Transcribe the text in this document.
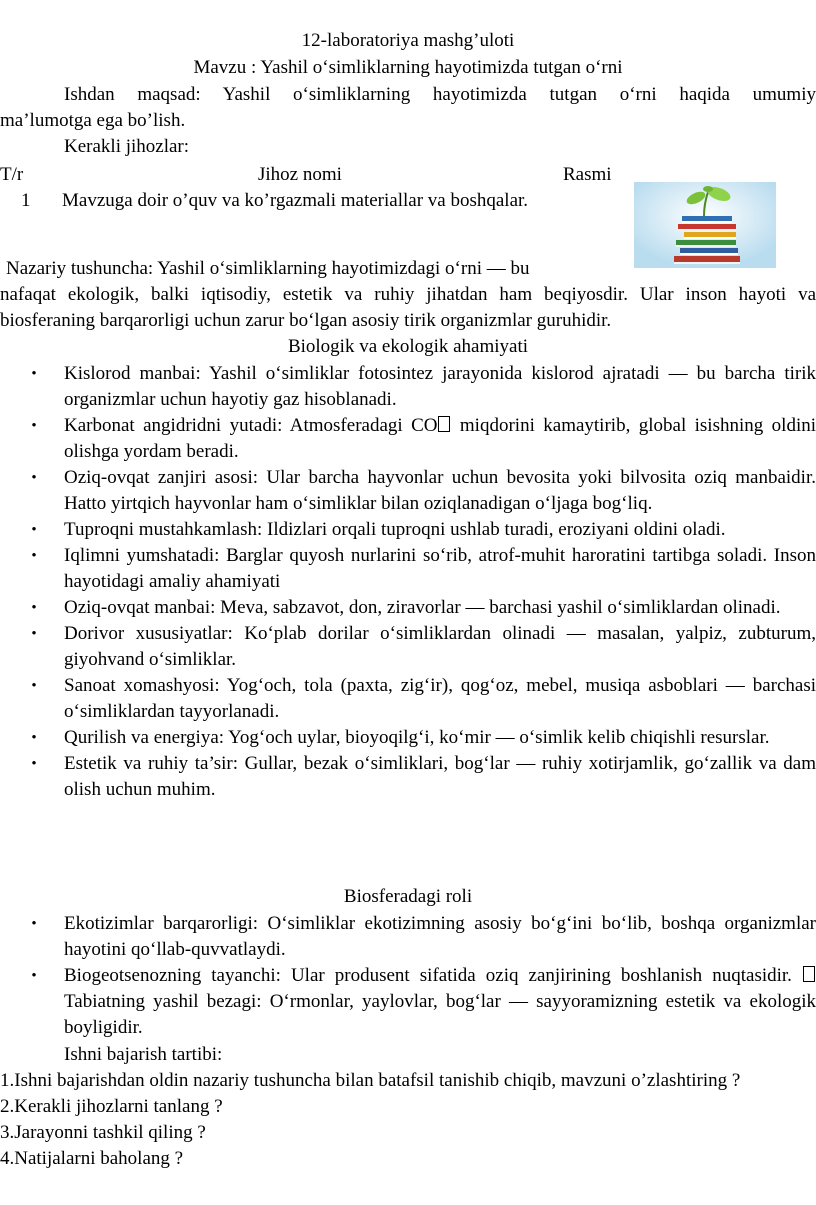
12-laboratoriya mashg’uloti
Mavzu : Yashil o‘simliklarning hayotimizda tutgan o‘rni
Ishdan maqsad: Yashil o‘simliklarning hayotimizda tutgan o‘rni haqida umumiy
ma’lumotga ega bo’lish.
Kerakli jihozlar:
T/r	Jihoz nomi	Rasmi
1 Mavzuga doir o’quv va ko’rgazmali materiallar va boshqalar.
Nazariy tushuncha: Yashil o‘simliklarning hayotimizdagi o‘rni — bu
nafaqat ekologik, balki iqtisodiy, estetik va ruhiy jihatdan ham beqiyosdir. Ular inson hayoti va biosferaning barqarorligi uchun zarur bo‘lgan asosiy tirik organizmlar guruhidir.
Biologik va ekologik ahamiyati
• Kislorod manbai: Yashil o‘simliklar fotosintez jarayonida kislorod ajratadi — bu barcha tirik organizmlar uchun hayotiy gaz hisoblanadi.
• Karbonat angidridni yutadi: Atmosferadagi CO miqdorini kamaytirib, global isishning oldini olishga yordam beradi.
• Oziq-ovqat zanjiri asosi: Ular barcha hayvonlar uchun bevosita yoki bilvosita oziq manbaidir. Hatto yirtqich hayvonlar ham o‘simliklar bilan oziqlanadigan o‘ljaga bog‘liq.
• Tuproqni mustahkamlash: Ildizlari orqali tuproqni ushlab turadi, eroziyani oldini oladi.
• Iqlimni yumshatadi: Barglar quyosh nurlarini so‘rib, atrof-muhit haroratini tartibga soladi. Inson hayotidagi amaliy ahamiyati
• Oziq-ovqat manbai: Meva, sabzavot, don, ziravorlar — barchasi yashil o‘simliklardan olinadi.
• Dorivor xususiyatlar: Ko‘plab dorilar o‘simliklardan olinadi — masalan, yalpiz, zubturum, giyohvand o‘simliklar.
• Sanoat xomashyosi: Yog‘och, tola (paxta, zig‘ir), qog‘oz, mebel, musiqa asboblari — barchasi o‘simliklardan tayyorlanadi.
• Qurilish va energiya: Yog‘och uylar, bioyoqilg‘i, ko‘mir — o‘simlik kelib chiqishli resurslar.
• Estetik va ruhiy ta’sir: Gullar, bezak o‘simliklari, bog‘lar — ruhiy xotirjamlik, go‘zallik va dam olish uchun muhim.
Biosferadagi roli
• Ekotizimlar barqarorligi: O‘simliklar ekotizimning asosiy bo‘g‘ini bo‘lib, boshqa organizmlar hayotini qo‘llab-quvvatlaydi.
• Biogeotsenozning tayanchi: Ular produsent sifatida oziq zanjirining boshlanish nuqtasidir.  Tabiatning yashil bezagi: O‘rmonlar, yaylovlar, bog‘lar — sayyoramizning estetik va ekologik boyligidir.
Ishni bajarish tartibi:
1.Ishni bajarishdan oldin nazariy tushuncha bilan batafsil tanishib chiqib, mavzuni o’zlashtiring ?
2.Kerakli jihozlarni tanlang ?
3.Jarayonni tashkil qiling ?
4.Natijalarni baholang ?
